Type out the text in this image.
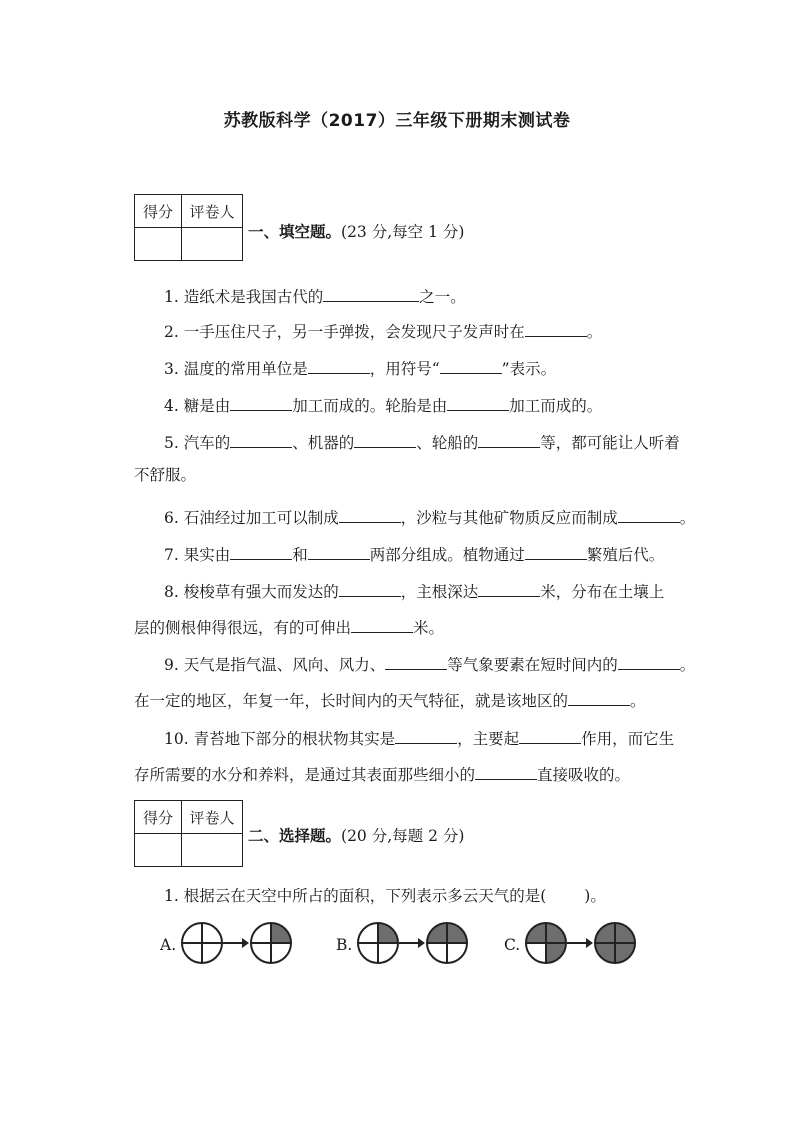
苏教版科学（2017）三年级下册期末测试卷
得分	评卷人

一、填空题。(23 分,每空 1 分)
1. 造纸术是我国古代的	之一。
2. 一手压住尺子，另一手弹拨，会发现尺子发声时在	。
3. 温度的常用单位是	，用符号“	”表示。
4. 糖是由	加工而成的。轮胎是由	加工而成的。
5. 汽车的	、机器的	、轮船的	等，都可能让人听着
不舒服。
6. 石油经过加工可以制成	，沙粒与其他矿物质反应而制成	。
7. 果实由	和	两部分组成。植物通过	繁殖后代。
8. 梭梭草有强大而发达的	，主根深达	米，分布在土壤上
层的侧根伸得很远，有的可伸出	米。
9. 天气是指气温、风向、风力、	等气象要素在短时间内的	。
在一定的地区，年复一年，长时间内的天气特征，就是该地区的	。
10. 青苔地下部分的根状物其实是	，主要起	作用，而它生
存所需要的水分和养料，是通过其表面那些细小的	直接吸收的。
得分	评卷人

二、选择题。(20 分,每题 2 分)
1. 根据云在天空中所占的面积，下列表示多云天气的是( )。
A.	B.	C.
